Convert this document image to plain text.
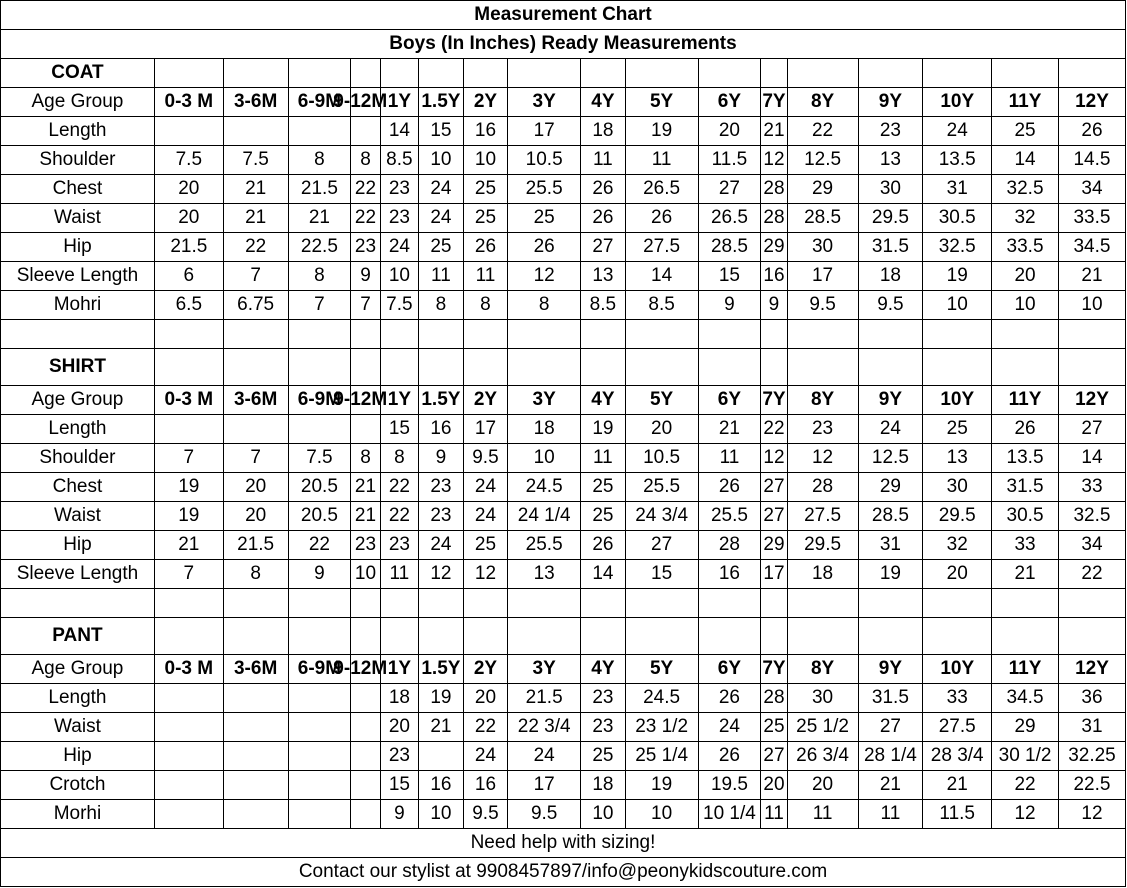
Measurement Chart																	
Boys (In Inches) Ready Measurements																	
COAT																	
Age Group	0-3 M	3-6M	6-9M	9-12M	1Y	1.5Y	2Y	3Y	4Y	5Y	6Y	7Y	8Y	9Y	10Y	11Y	12Y
Length					14	15	16	17	18	19	20	21	22	23	24	25	26
Shoulder	7.5	7.5	8	8	8.5	10	10	10.5	11	11	11.5	12	12.5	13	13.5	14	14.5
Chest	20	21	21.5	22	23	24	25	25.5	26	26.5	27	28	29	30	31	32.5	34
Waist	20	21	21	22	23	24	25	25	26	26	26.5	28	28.5	29.5	30.5	32	33.5
Hip	21.5	22	22.5	23	24	25	26	26	27	27.5	28.5	29	30	31.5	32.5	33.5	34.5
Sleeve Length	6	7	8	9	10	11	11	12	13	14	15	16	17	18	19	20	21
Mohri	6.5	6.75	7	7	7.5	8	8	8	8.5	8.5	9	9	9.5	9.5	10	10	10

SHIRT																	
Age Group	0-3 M	3-6M	6-9M	9-12M	1Y	1.5Y	2Y	3Y	4Y	5Y	6Y	7Y	8Y	9Y	10Y	11Y	12Y
Length					15	16	17	18	19	20	21	22	23	24	25	26	27
Shoulder	7	7	7.5	8	8	9	9.5	10	11	10.5	11	12	12	12.5	13	13.5	14
Chest	19	20	20.5	21	22	23	24	24.5	25	25.5	26	27	28	29	30	31.5	33
Waist	19	20	20.5	21	22	23	24	24 1/4	25	24 3/4	25.5	27	27.5	28.5	29.5	30.5	32.5
Hip	21	21.5	22	23	23	24	25	25.5	26	27	28	29	29.5	31	32	33	34
Sleeve Length	7	8	9	10	11	12	12	13	14	15	16	17	18	19	20	21	22

PANT																	
Age Group	0-3 M	3-6M	6-9M	9-12M	1Y	1.5Y	2Y	3Y	4Y	5Y	6Y	7Y	8Y	9Y	10Y	11Y	12Y
Length					18	19	20	21.5	23	24.5	26	28	30	31.5	33	34.5	36
Waist					20	21	22	22 3/4	23	23 1/2	24	25	25 1/2	27	27.5	29	31
Hip					23		24	24	25	25 1/4	26	27	26 3/4	28 1/4	28 3/4	30 1/2	32.25
Crotch					15	16	16	17	18	19	19.5	20	20	21	21	22	22.5
Morhi					9	10	9.5	9.5	10	10	10 1/4	11	11	11	11.5	12	12
Need help with sizing!																	
Contact our stylist at 9908457897/info@peonykidscouture.com																	
